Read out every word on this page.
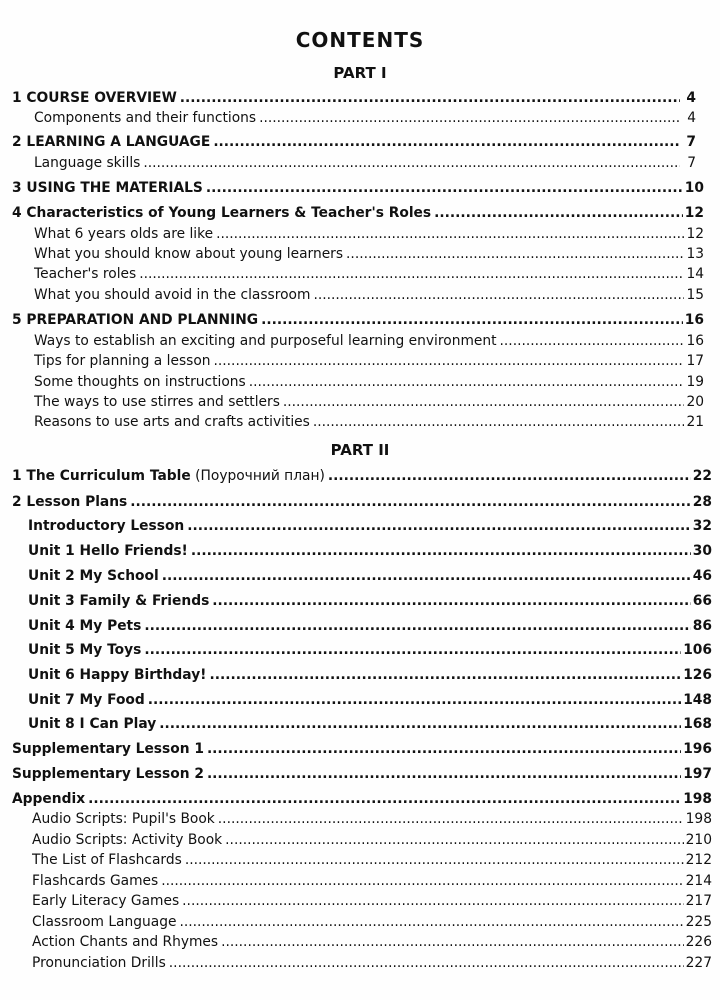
CONTENTS
PART I
1 COURSE OVERVIEW .....	4
Components and their functions .....	4
2 LEARNING A LANGUAGE .....	7
Language skills .....	7
3 USING THE MATERIALS .....	10
4 Characteristics of Young Learners & Teacher's Roles .....	12
What 6 years olds are like .....	12
What you should know about young learners .....	13
Teacher's roles .....	14
What you should avoid in the classroom .....	15
5 PREPARATION AND PLANNING .....	16
Ways to establish an exciting and purposeful learning environment .....	16
Tips for planning a lesson .....	17
Some thoughts on instructions .....	19
The ways to use stirres and settlers .....	20
Reasons to use arts and crafts activities .....	21
PART II
1 The Curriculum Table (Поурочний план) .....	22
2 Lesson Plans .....	28
Introductory Lesson .....	32
Unit 1 Hello Friends! .....	30
Unit 2 My School .....	46
Unit 3 Family & Friends .....	66
Unit 4 My Pets .....	86
Unit 5 My Toys .....	106
Unit 6 Happy Birthday! .....	126
Unit 7 My Food .....	148
Unit 8 I Can Play .....	168
Supplementary Lesson 1 .....	196
Supplementary Lesson 2 .....	197
Appendix .....	198
Audio Scripts: Pupil's Book .....	198
Audio Scripts: Activity Book .....	210
The List of Flashcards .....	212
Flashcards Games .....	214
Early Literacy Games .....	217
Classroom Language .....	225
Action Chants and Rhymes .....	226
Pronunciation Drills .....	227
